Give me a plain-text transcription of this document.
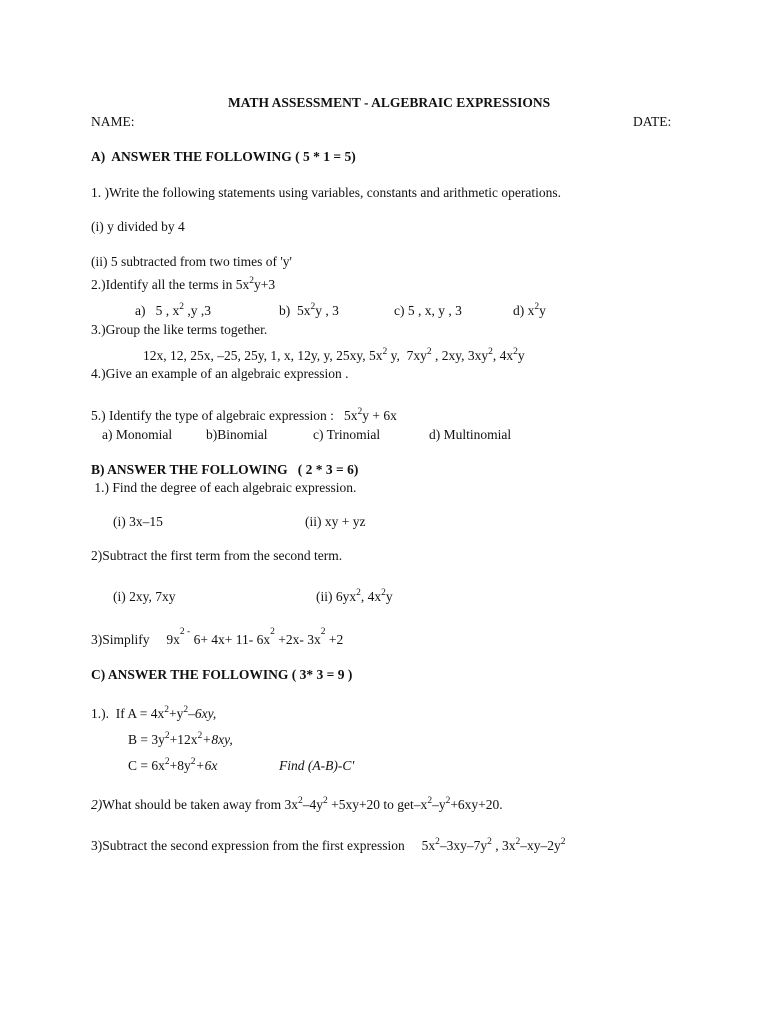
MATH ASSESSMENT - ALGEBRAIC EXPRESSIONS
NAME:	DATE:
A)  ANSWER THE FOLLOWING ( 5 * 1 = 5)
1. )Write the following statements using variables, constants and arithmetic operations.
(i) y divided by 4
(ii) 5 subtracted from two times of 'y'
2.)Identify all the terms in $5x^2y+3$
a)   5 , $x^2$ ,y ,3	b)  $5x^2y$ , 3	c) 5 , x, y , 3	d) $x^2y$
3.)Group the like terms together.
12x, 12, 25x, –25, 25y, 1, x, 12y, y, 25xy, $5x^2$ y,  $7xy^2$ , 2xy, $3xy^2$, $4x^2y$
4.)Give an example of an algebraic expression .
5.) Identify the type of algebraic expression :   $5x^2y + 6x$
a) Monomial	b)Binomial	c) Trinomial	d) Multinomial
B) ANSWER THE FOLLOWING   ( 2 * 3 = 6)
1.) Find the degree of each algebraic expression.
(i) 3x–15	(ii) xy + yz
2)Subtract the first term from the second term.
(i) 2xy, 7xy	(ii) $6yx^2$, $4x^2y$
3)Simplify     $9x^{2 -}$ 6+ 4x+ 11- $6x^2 +2x-$ $3x^2 +2$
C) ANSWER THE FOLLOWING ( 3* 3 = 9 )
1.).  If $A = 4x^2+y^2-6xy$,
$B = 3y^2+12x^2+8xy$,
$C = 6x^2+8y^2+6x$	Find (A-B)-C'
2)What should be taken away from $3x^2-4y^2 +5xy+20$ to get–$x^2-y^2+6xy+20$.
3)Subtract the second expression from the first expression     $5x^2-3xy-7y^2$ , $3x^2-xy-2y^2$
